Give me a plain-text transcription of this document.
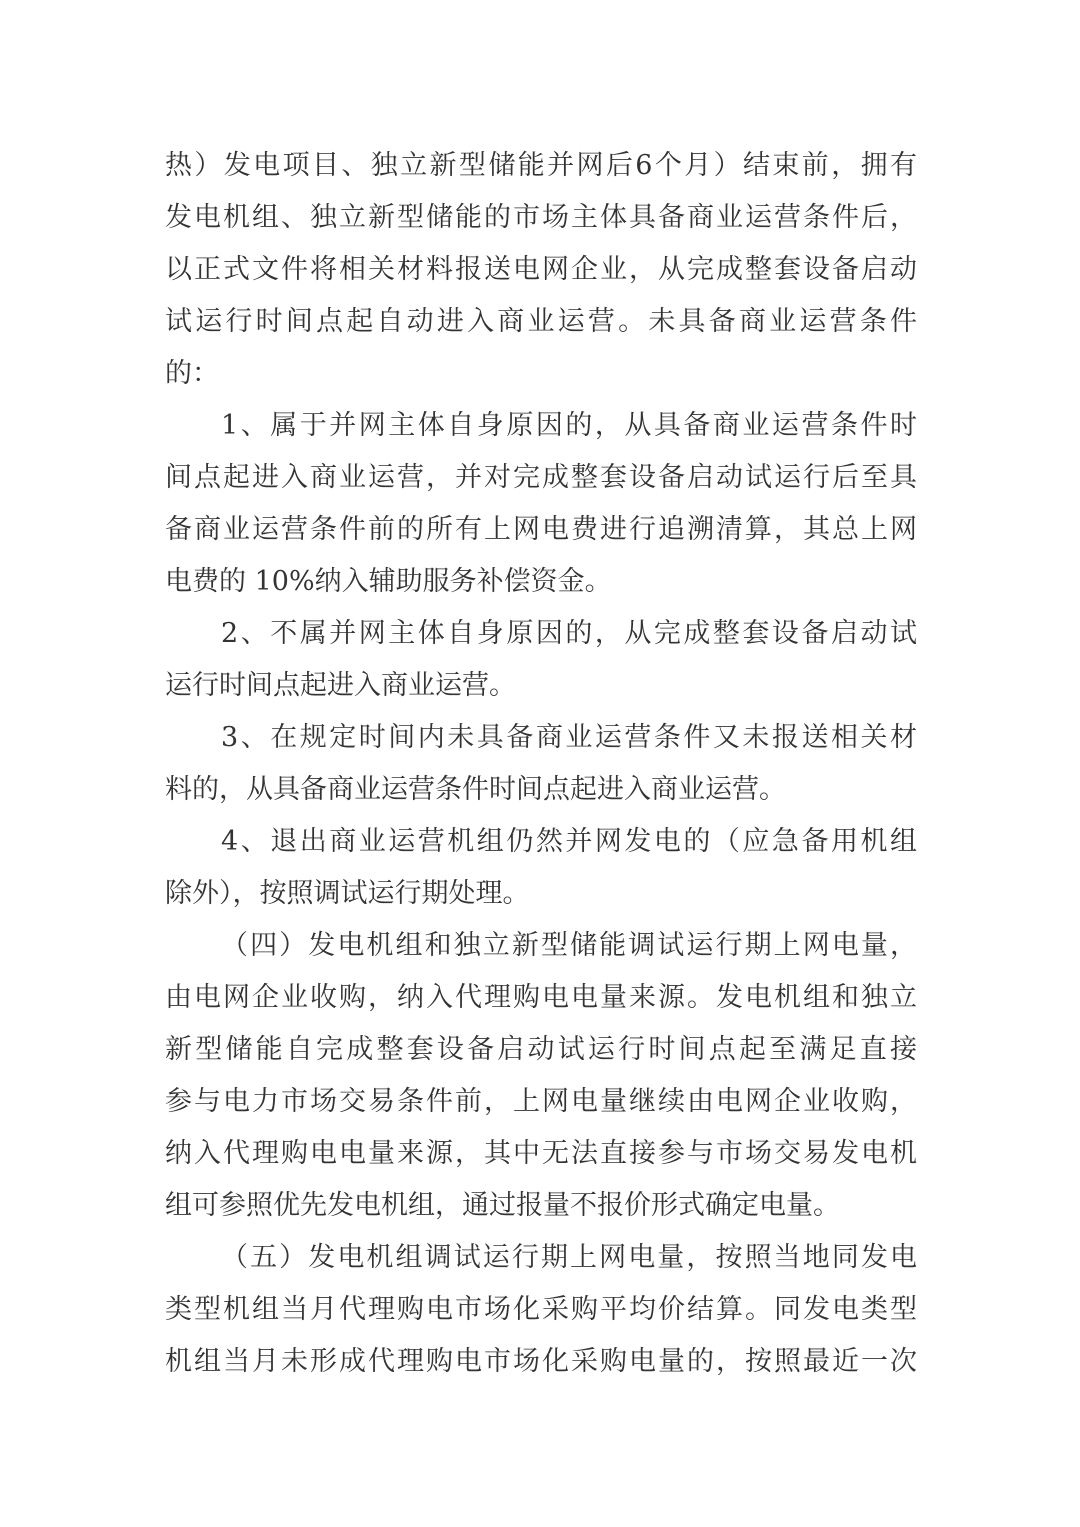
热）发电项目、独立新型储能并网后6个月）结束前，拥有
发电机组、独立新型储能的市场主体具备商业运营条件后，
以正式文件将相关材料报送电网企业，从完成整套设备启动
试运行时间点起自动进入商业运营。未具备商业运营条件
的：
1、属于并网主体自身原因的，从具备商业运营条件时
间点起进入商业运营，并对完成整套设备启动试运行后至具
备商业运营条件前的所有上网电费进行追溯清算，其总上网
电费的 10%纳入辅助服务补偿资金。
2、不属并网主体自身原因的，从完成整套设备启动试
运行时间点起进入商业运营。
3、在规定时间内未具备商业运营条件又未报送相关材
料的，从具备商业运营条件时间点起进入商业运营。
4、退出商业运营机组仍然并网发电的（应急备用机组
除外），按照调试运行期处理。
（四）发电机组和独立新型储能调试运行期上网电量，
由电网企业收购，纳入代理购电电量来源。发电机组和独立
新型储能自完成整套设备启动试运行时间点起至满足直接
参与电力市场交易条件前，上网电量继续由电网企业收购，
纳入代理购电电量来源，其中无法直接参与市场交易发电机
组可参照优先发电机组，通过报量不报价形式确定电量。
（五）发电机组调试运行期上网电量，按照当地同发电
类型机组当月代理购电市场化采购平均价结算。同发电类型
机组当月未形成代理购电市场化采购电量的，按照最近一次
